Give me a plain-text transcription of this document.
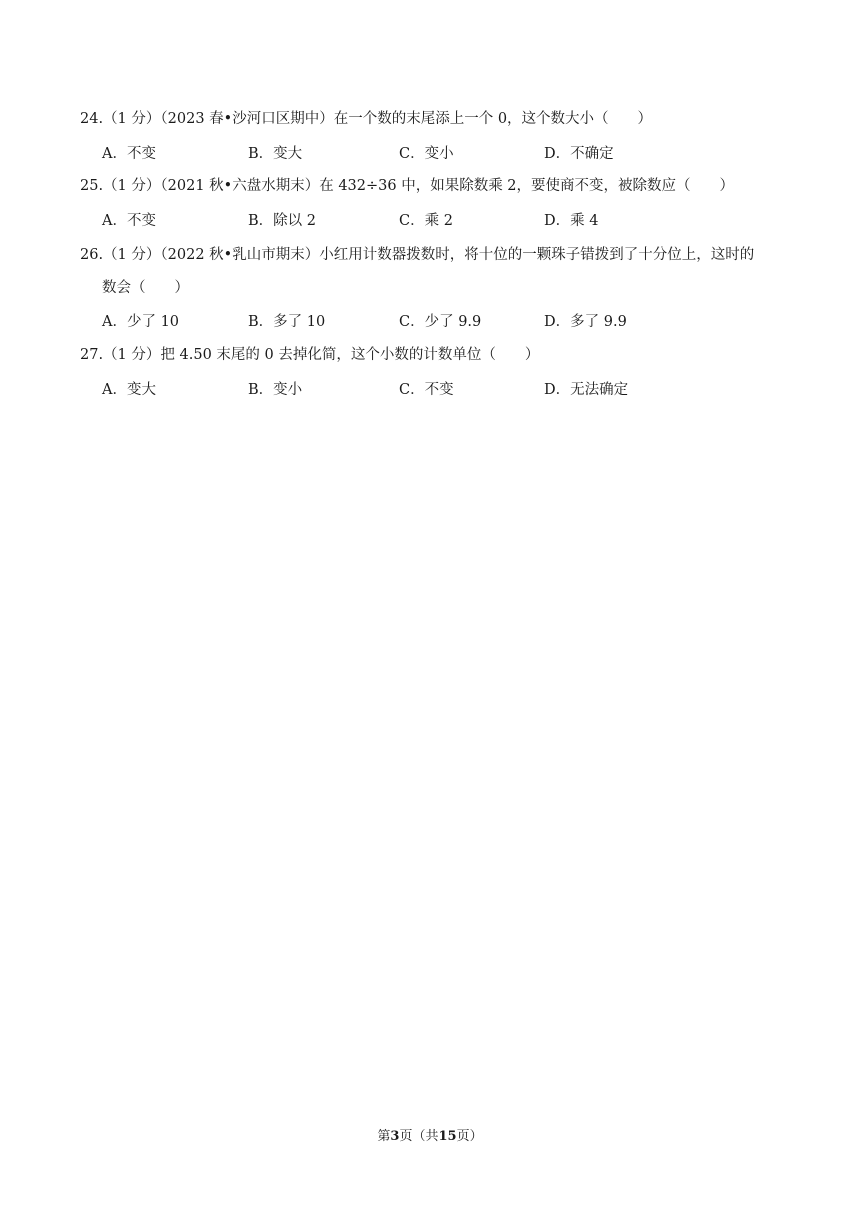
24.（1 分）（2023 春•沙河口区期中）在一个数的末尾添上一个 0，这个数大小（　　）
A．不变	B．变大	C．变小	D．不确定
25.（1 分）（2021 秋•六盘水期末）在 432÷36 中，如果除数乘 2，要使商不变，被除数应（　　）
A．不变	B．除以 2	C．乘 2	D．乘 4
26.（1 分）（2022 秋•乳山市期末）小红用计数器拨数时，将十位的一颗珠子错拨到了十分位上，这时的
数会（　　）
A．少了 10	B．多了 10	C．少了 9.9	D．多了 9.9
27.（1 分）把 4.50 末尾的 0 去掉化简，这个小数的计数单位（　　）
A．变大	B．变小	C．不变	D．无法确定
第3页（共15页）
